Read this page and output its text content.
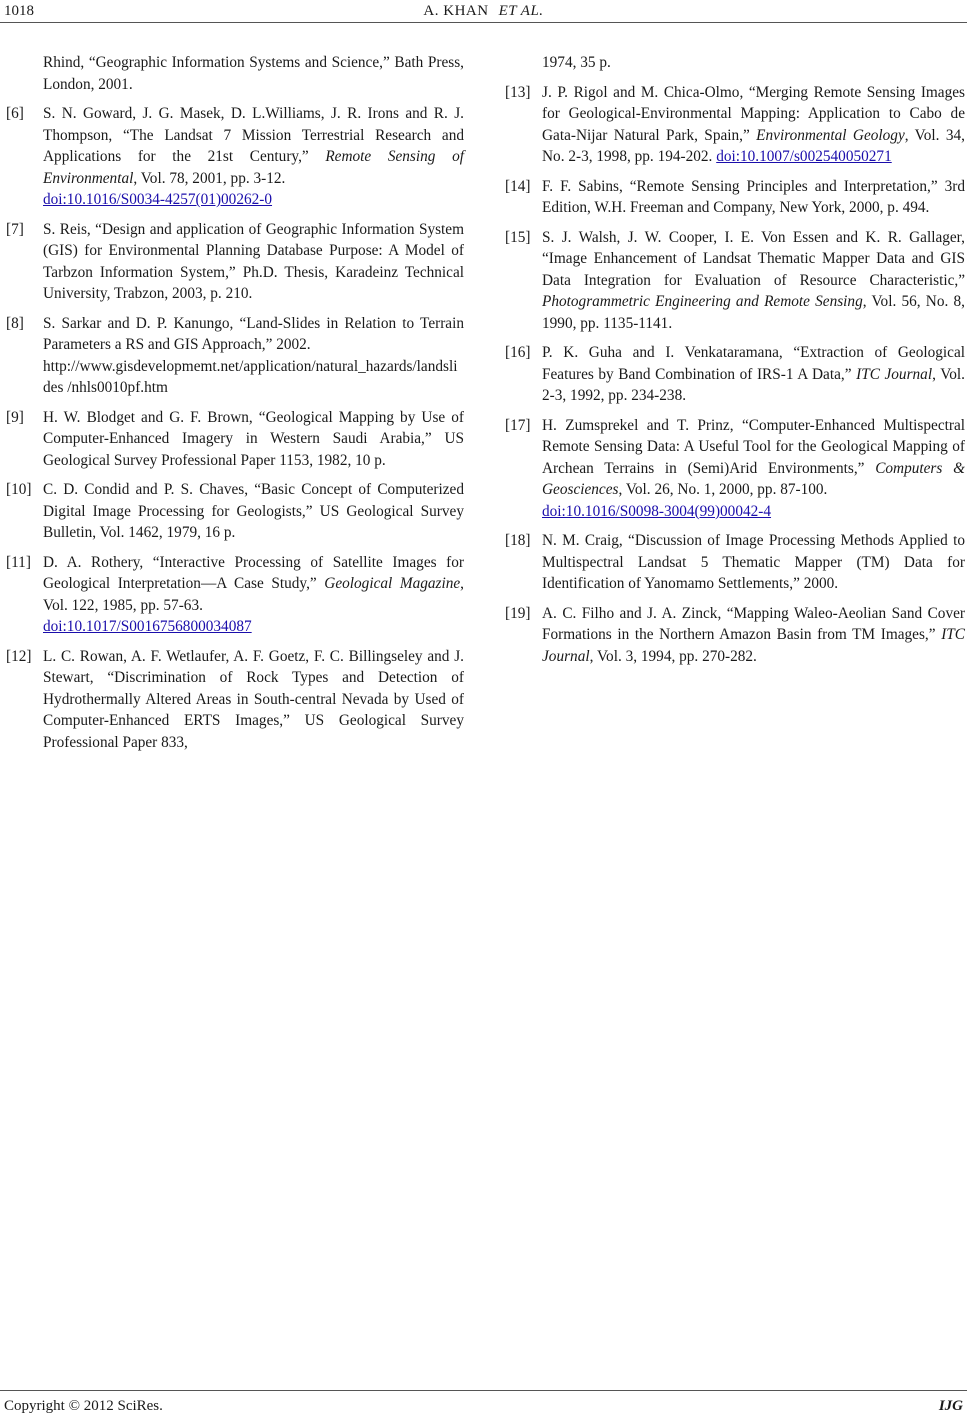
1018	A. KHAN ET AL.
Rhind, “Geographic Information Systems and Science,” Bath Press, London, 2001.
[6] S. N. Goward, J. G. Masek, D. L.Williams, J. R. Irons and R. J. Thompson, “The Landsat 7 Mission Terrestrial Research and Applications for the 21st Century,” Remote Sensing of Environmental, Vol. 78, 2001, pp. 3-12.
doi:10.1016/S0034-4257(01)00262-0
[7] S. Reis, “Design and application of Geographic Information System (GIS) for Environmental Planning Database Purpose: A Model of Tarbzon Information System,” Ph.D. Thesis, Karadeinz Technical University, Trabzon, 2003, p. 210.
[8] S. Sarkar and D. P. Kanungo, “Land-Slides in Relation to Terrain Parameters a RS and GIS Approach,” 2002.
http://www.gisdevelopmemt.net/application/natural_hazards/landslides /nhls0010pf.htm
[9] H. W. Blodget and G. F. Brown, “Geological Mapping by Use of Computer-Enhanced Imagery in Western Saudi Arabia,” US Geological Survey Professional Paper 1153, 1982, 10 p.
[10] C. D. Condid and P. S. Chaves, “Basic Concept of Computerized Digital Image Processing for Geologists,” US Geological Survey Bulletin, Vol. 1462, 1979, 16 p.
[11] D. A. Rothery, “Interactive Processing of Satellite Images for Geological Interpretation—A Case Study,” Geological Magazine, Vol. 122, 1985, pp. 57-63.
doi:10.1017/S0016756800034087
[12] L. C. Rowan, A. F. Wetlaufer, A. F. Goetz, F. C. Billingseley and J. Stewart, “Discrimination of Rock Types and Detection of Hydrothermally Altered Areas in South-central Nevada by Used of Computer-Enhanced ERTS Images,” US Geological Survey Professional Paper 833,
1974, 35 p.
[13] J. P. Rigol and M. Chica-Olmo, “Merging Remote Sensing Images for Geological-Environmental Mapping: Application to Cabo de Gata-Nijar Natural Park, Spain,” Environmental Geology, Vol. 34, No. 2-3, 1998, pp. 194-202. doi:10.1007/s002540050271
[14] F. F. Sabins, “Remote Sensing Principles and Interpretation,” 3rd Edition, W.H. Freeman and Company, New York, 2000, p. 494.
[15] S. J. Walsh, J. W. Cooper, I. E. Von Essen and K. R. Gallager, “Image Enhancement of Landsat Thematic Mapper Data and GIS Data Integration for Evaluation of Resource Characteristic,” Photogrammetric Engineering and Remote Sensing, Vol. 56, No. 8, 1990, pp. 1135-1141.
[16] P. K. Guha and I. Venkataramana, “Extraction of Geological Features by Band Combination of IRS-1 A Data,” ITC Journal, Vol. 2-3, 1992, pp. 234-238.
[17] H. Zumsprekel and T. Prinz, “Computer-Enhanced Multispectral Remote Sensing Data: A Useful Tool for the Geological Mapping of Archean Terrains in (Semi)Arid Environments,” Computers & Geosciences, Vol. 26, No. 1, 2000, pp. 87-100.
doi:10.1016/S0098-3004(99)00042-4
[18] N. M. Craig, “Discussion of Image Processing Methods Applied to Multispectral Landsat 5 Thematic Mapper (TM) Data for Identification of Yanomamo Settlements,” 2000.
[19] A. C. Filho and J. A. Zinck, “Mapping Waleo-Aeolian Sand Cover Formations in the Northern Amazon Basin from TM Images,” ITC Journal, Vol. 3, 1994, pp. 270-282.
Copyright © 2012 SciRes.	IJG
